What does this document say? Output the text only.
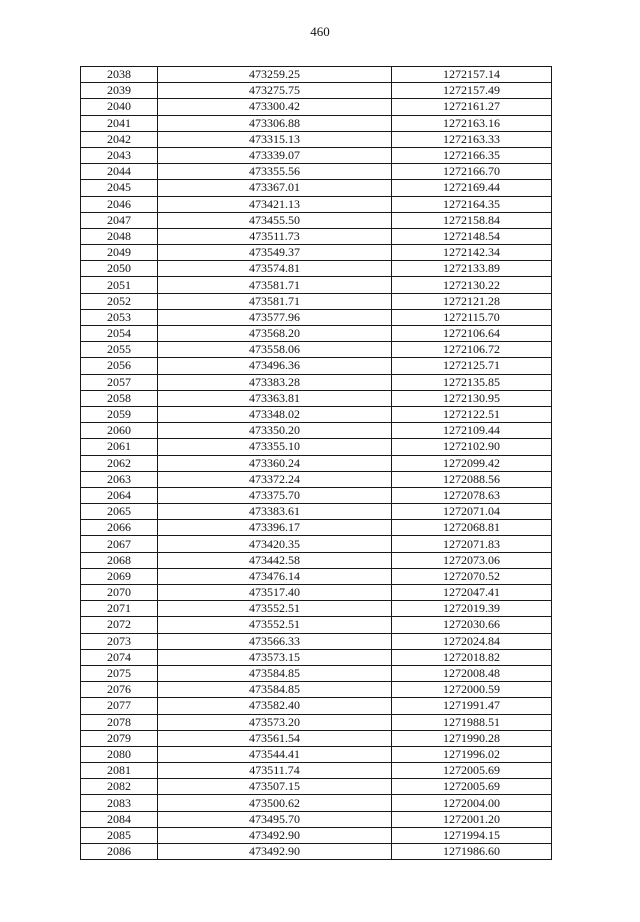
460
2038	473259.25	1272157.14
2039	473275.75	1272157.49
2040	473300.42	1272161.27
2041	473306.88	1272163.16
2042	473315.13	1272163.33
2043	473339.07	1272166.35
2044	473355.56	1272166.70
2045	473367.01	1272169.44
2046	473421.13	1272164.35
2047	473455.50	1272158.84
2048	473511.73	1272148.54
2049	473549.37	1272142.34
2050	473574.81	1272133.89
2051	473581.71	1272130.22
2052	473581.71	1272121.28
2053	473577.96	1272115.70
2054	473568.20	1272106.64
2055	473558.06	1272106.72
2056	473496.36	1272125.71
2057	473383.28	1272135.85
2058	473363.81	1272130.95
2059	473348.02	1272122.51
2060	473350.20	1272109.44
2061	473355.10	1272102.90
2062	473360.24	1272099.42
2063	473372.24	1272088.56
2064	473375.70	1272078.63
2065	473383.61	1272071.04
2066	473396.17	1272068.81
2067	473420.35	1272071.83
2068	473442.58	1272073.06
2069	473476.14	1272070.52
2070	473517.40	1272047.41
2071	473552.51	1272019.39
2072	473552.51	1272030.66
2073	473566.33	1272024.84
2074	473573.15	1272018.82
2075	473584.85	1272008.48
2076	473584.85	1272000.59
2077	473582.40	1271991.47
2078	473573.20	1271988.51
2079	473561.54	1271990.28
2080	473544.41	1271996.02
2081	473511.74	1272005.69
2082	473507.15	1272005.69
2083	473500.62	1272004.00
2084	473495.70	1272001.20
2085	473492.90	1271994.15
2086	473492.90	1271986.60
